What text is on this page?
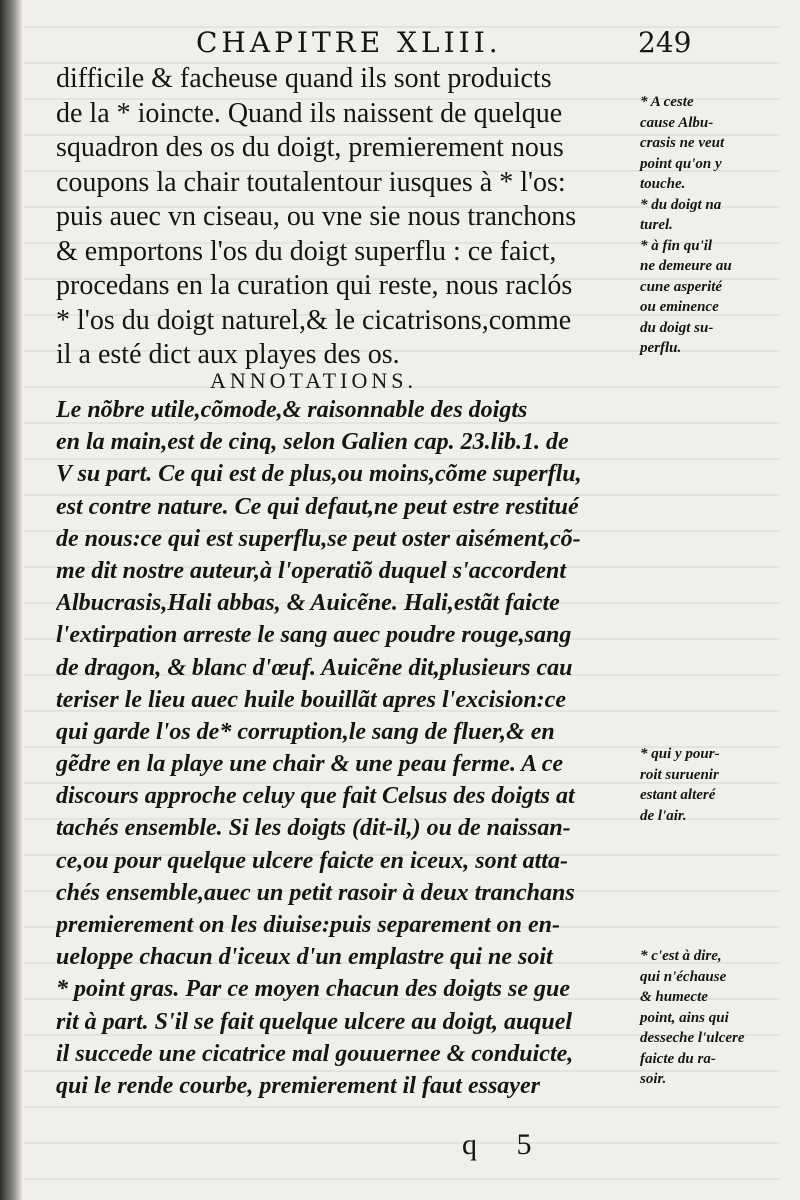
CHAPITRE XLIII.	249
difficile & facheuse quand ils sont produicts
de la * ioincte. Quand ils naissent de quelque
squadron des os du doigt, premierement nous
coupons la chair toutalentour iusques à * l'os:
puis auec vn ciseau, ou vne sie nous tranchons
& emportons l'os du doigt superflu : ce faict,
procedans en la curation qui reste, nous raclós
* l'os du doigt naturel,& le cicatrisons,comme
il a esté dict aux playes des os.
ANNOTATIONS.
Le nõbre utile,cõmode,& raisonnable des doigts
en la main,est de cinq, selon Galien cap. 23.lib.1. de
V su part. Ce qui est de plus,ou moins,cõme superflu,
est contre nature. Ce qui defaut,ne peut estre restitué
de nous:ce qui est superflu,se peut oster aisément,cõ-
me dit nostre auteur,à l'operatiõ duquel s'accordent
Albucrasis,Hali abbas, & Auicẽne. Hali,estãt faicte
l'extirpation arreste le sang auec poudre rouge,sang
de dragon, & blanc d'œuf. Auicẽne dit,plusieurs cau
teriser le lieu auec huile bouillãt apres l'excision:ce
qui garde l'os de* corruption,le sang de fluer,& en
gẽdre en la playe une chair & une peau ferme. A ce
discours approche celuy que fait Celsus des doigts at
tachés ensemble. Si les doigts (dit-il,) ou de naissan-
ce,ou pour quelque ulcere faicte en iceux, sont atta-
chés ensemble,auec un petit rasoir à deux tranchans
premierement on les diuise:puis separement on en-
ueloppe chacun d'iceux d'un emplastre qui ne soit
* point gras. Par ce moyen chacun des doigts se gue
rit à part. S'il se fait quelque ulcere au doigt, auquel
il succede une cicatrice mal gouuernee & conduicte,
qui le rende courbe, premierement il faut essayer
* A ceste
cause Albu-
crasis ne veut
point qu'on y
touche.
* du doigt na
turel.
* à fin qu'il
ne demeure au
cune asperité
ou eminence
du doigt su-
perflu.
* qui y pour-
roit suruenir
estant alteré
de l'air.
* c'est à dire,
qui n'échause
& humecte
point, ains qui
desseche l'ulcere
faicte du ra-
soir.
q 5
